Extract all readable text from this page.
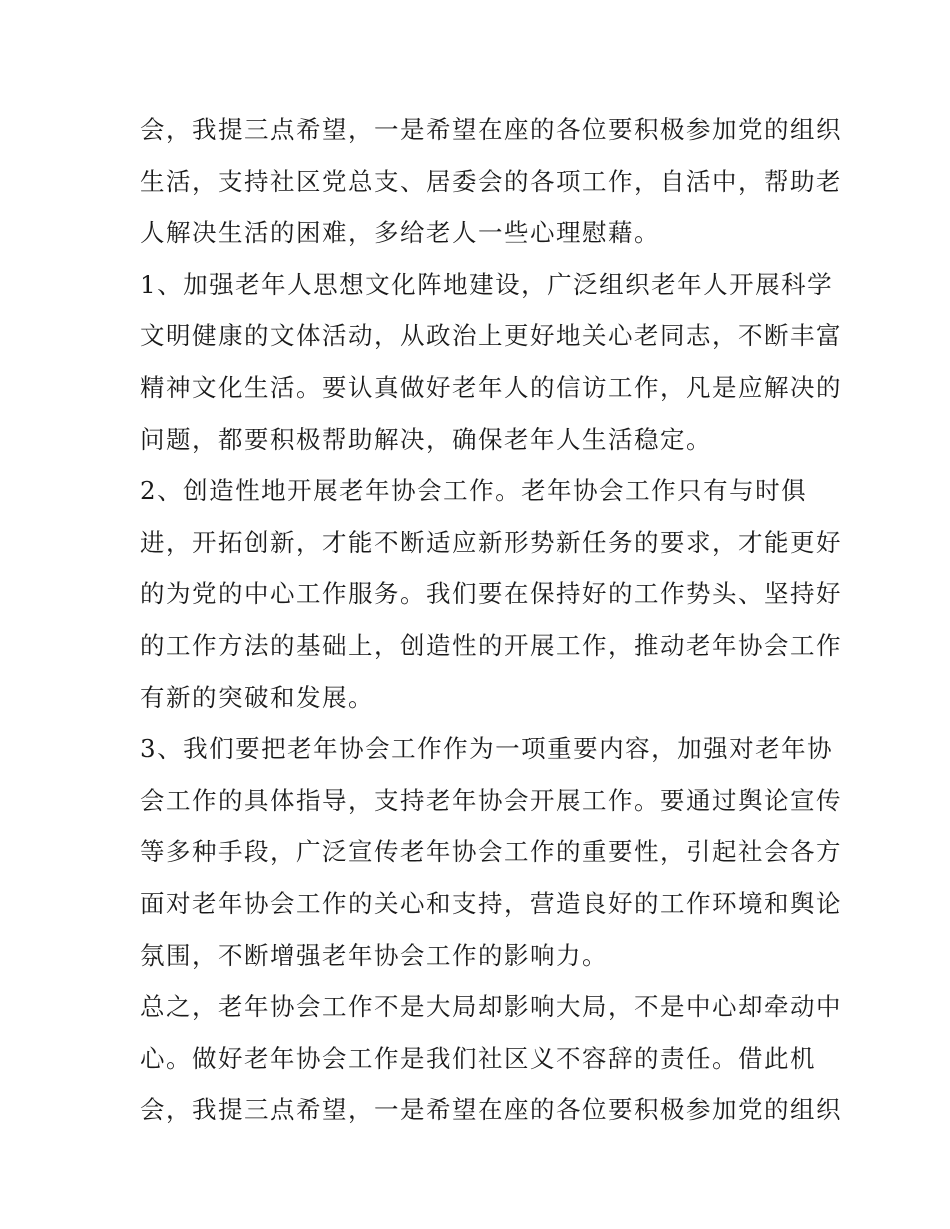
会，我提三点希望，一是希望在座的各位要积极参加党的组织
生活，支持社区党总支、居委会的各项工作，自活中，帮助老
人解决生活的困难，多给老人一些心理慰藉。
1、加强老年人思想文化阵地建设，广泛组织老年人开展科学
文明健康的文体活动，从政治上更好地关心老同志，不断丰富
精神文化生活。要认真做好老年人的信访工作，凡是应解决的
问题，都要积极帮助解决，确保老年人生活稳定。
2、创造性地开展老年协会工作。老年协会工作只有与时俱
进，开拓创新，才能不断适应新形势新任务的要求，才能更好
的为党的中心工作服务。我们要在保持好的工作势头、坚持好
的工作方法的基础上，创造性的开展工作，推动老年协会工作
有新的突破和发展。
3、我们要把老年协会工作作为一项重要内容，加强对老年协
会工作的具体指导，支持老年协会开展工作。要通过舆论宣传
等多种手段，广泛宣传老年协会工作的重要性，引起社会各方
面对老年协会工作的关心和支持，营造良好的工作环境和舆论
氛围，不断增强老年协会工作的影响力。
总之，老年协会工作不是大局却影响大局，不是中心却牵动中
心。做好老年协会工作是我们社区义不容辞的责任。借此机
会，我提三点希望，一是希望在座的各位要积极参加党的组织
